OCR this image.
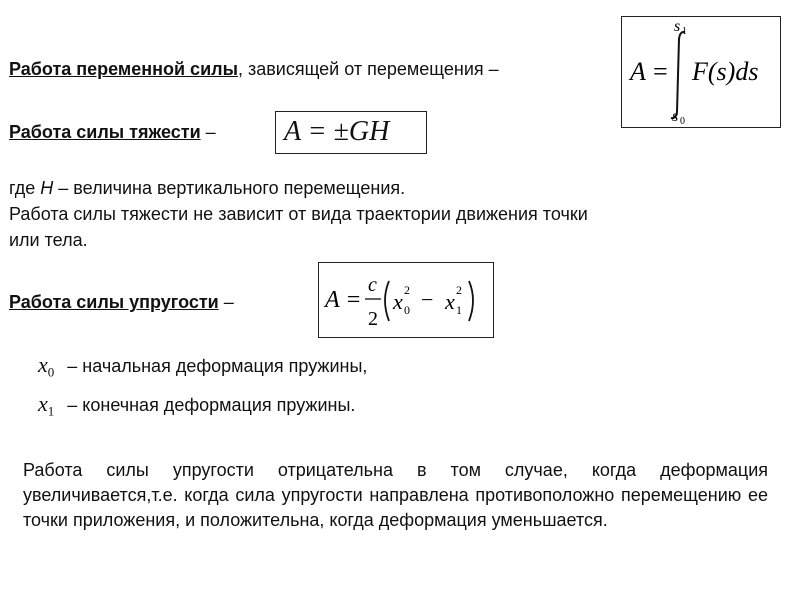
Работа переменной силы, зависящей от перемещения –	A =
s 1
s 0
F(s)ds
Работа силы тяжести – A = ±GH
где H – величина вертикального перемещения.
Работа силы тяжести не зависит от вида траектории движения точки
или тела.
Работа силы упругости –	A =
c
2
x 0
2 − x 1
2
$x_0$ – начальная деформация пружины,
$x_1$ – конечная деформация пружины.
Работа силы упругости отрицательна в том случае, когда деформация увеличивается,т.е. когда сила упругости направлена противоположно перемещению ее точки приложения, и положительна, когда деформация уменьшается.
